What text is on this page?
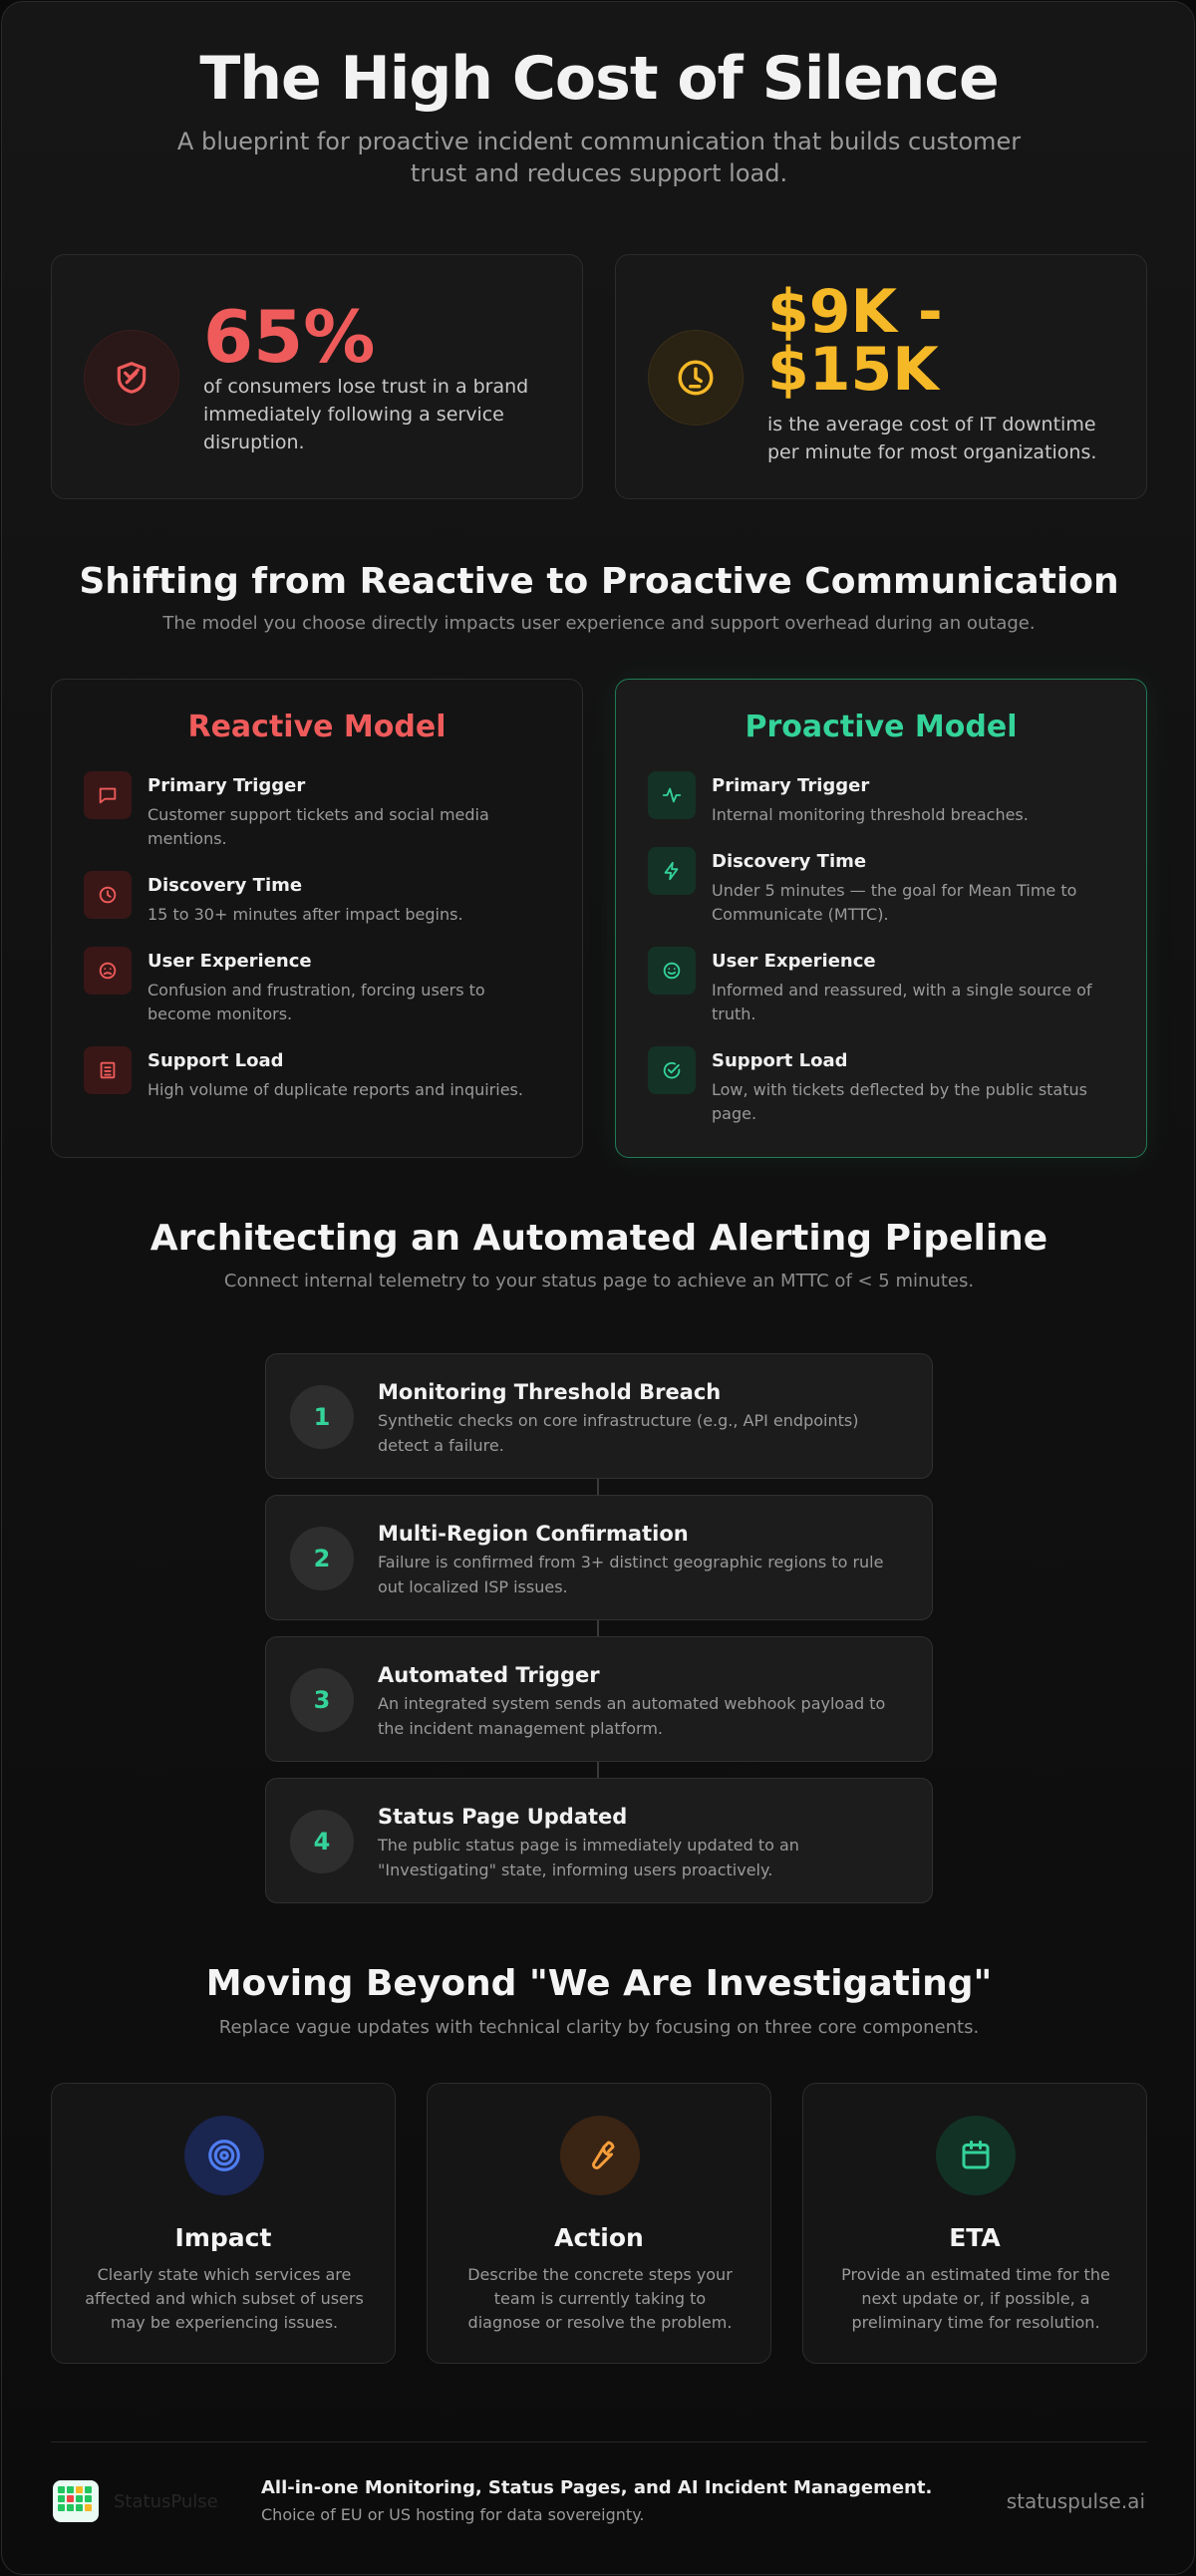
The High Cost of Silence
A blueprint for proactive incident communication that builds customer trust and reduces support load.
65%
of consumers lose trust in a brand immediately following a service disruption.
$9K - $15K
is the average cost of IT downtime per minute for most organizations.
Shifting from Reactive to Proactive Communication
The model you choose directly impacts user experience and support overhead during an outage.
Reactive Model
Primary Trigger
Customer support tickets and social media mentions.
Discovery Time
15 to 30+ minutes after impact begins.
User Experience
Confusion and frustration, forcing users to become monitors.
Support Load
High volume of duplicate reports and inquiries.
Proactive Model
Primary Trigger
Internal monitoring threshold breaches.
Discovery Time
Under 5 minutes — the goal for Mean Time to Communicate (MTTC).
User Experience
Informed and reassured, with a single source of truth.
Support Load
Low, with tickets deflected by the public status page.
Architecting an Automated Alerting Pipeline
Connect internal telemetry to your status page to achieve an MTTC of < 5 minutes.
1
Monitoring Threshold Breach
Synthetic checks on core infrastructure (e.g., API endpoints) detect a failure.
2
Multi-Region Confirmation
Failure is confirmed from 3+ distinct geographic regions to rule out localized ISP issues.
3
Automated Trigger
An integrated system sends an automated webhook payload to the incident management platform.
4
Status Page Updated
The public status page is immediately updated to an "Investigating" state, informing users proactively.
Moving Beyond "We Are Investigating"
Replace vague updates with technical clarity by focusing on three core components.
Impact
Clearly state which services are affected and which subset of users may be experiencing issues.
Action
Describe the concrete steps your team is currently taking to diagnose or resolve the problem.
ETA
Provide an estimated time for the next update or, if possible, a preliminary time for resolution.
StatusPulse
All-in-one Monitoring, Status Pages, and AI Incident Management.
Choice of EU or US hosting for data sovereignty.
statuspulse.ai
